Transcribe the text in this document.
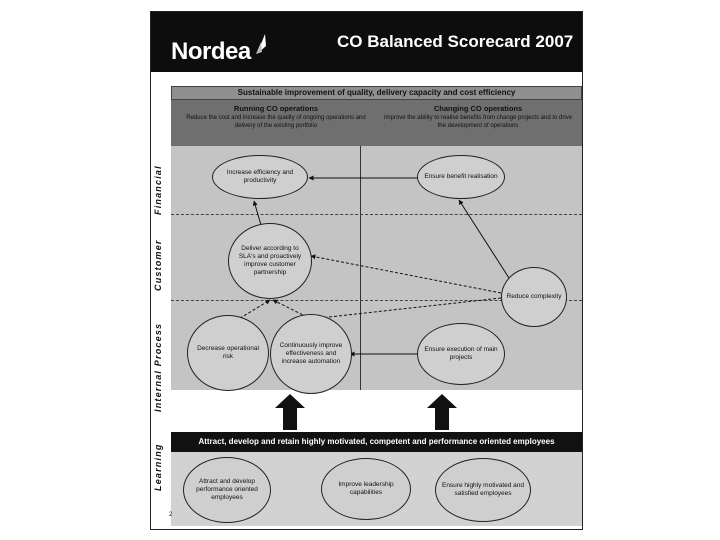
Nordea	CO Balanced Scorecard 2007
Financial
Customer
Internal Process
Learning
Sustainable improvement of quality, delivery capacity and cost efficiency
Running CO operations
Reduce the cost and increase the quality of ongoing operations and delivery of the existing portfolio
Changing CO operations
Improve the ability to realise benefits from change projects and to drive the development of operations
Increase efficiency and productivity
Ensure benefit realisation
Deliver according to SLA's and proactively improve customer partnership
Reduce complexity
Decrease operational risk
Continuously improve effectiveness and increase automation
Ensure execution of main projects
Attract, develop and retain highly motivated, competent and performance oriented employees
Attract and develop performance oriented employees
Improve leadership capabilities
Ensure highly motivated and satisfied employees
2
